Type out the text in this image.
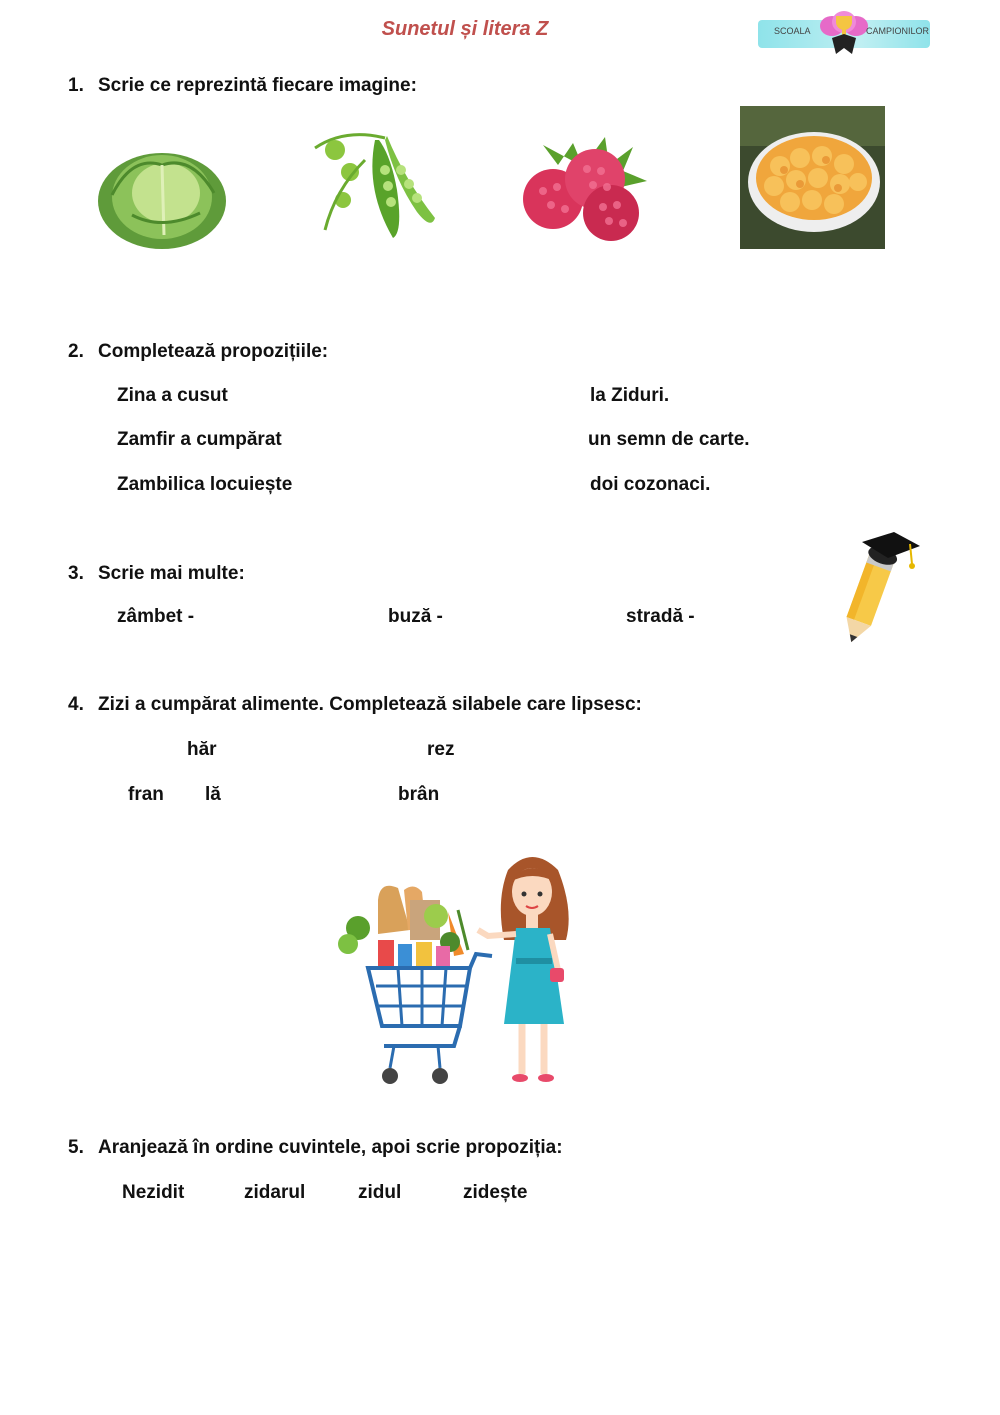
Sunetul și litera Z	SCOALA	CAMPIONILOR
1. Scrie ce reprezintă fiecare imagine:
2. Completează propozițiile:
Zina a cusut	la Ziduri.
Zamfir a cumpărat	un semn de carte.
Zambilica locuiește	doi cozonaci.
3. Scrie mai multe:
zâmbet -	buză -	stradă -
4. Zizi a cumpărat alimente. Completează silabele care lipsesc:
hăr	rez
fran lă	brân
5. Aranjează în ordine cuvintele, apoi scrie propoziția:
Nezidit	zidarul	zidul	zidește
